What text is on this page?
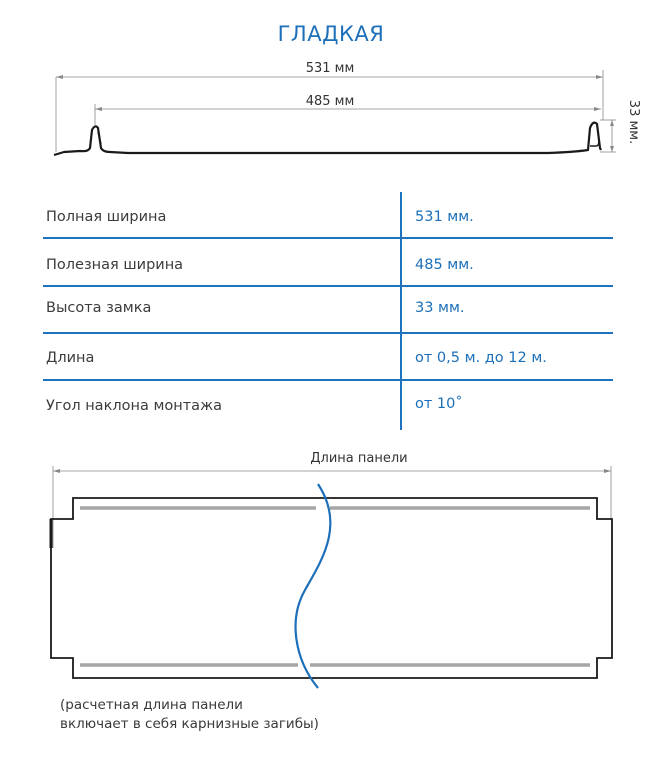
ГЛАДКАЯ
531 мм
485 мм	33 мм.
Полная ширина	531 мм.
Полезная ширина	485 мм.
Высота замка	33 мм.
Длина	от 0,5 м. до 12 м.
Угол наклона монтажа	от 10˚
Длина панели
(расчетная длина панели
включает в себя карнизные загибы)
